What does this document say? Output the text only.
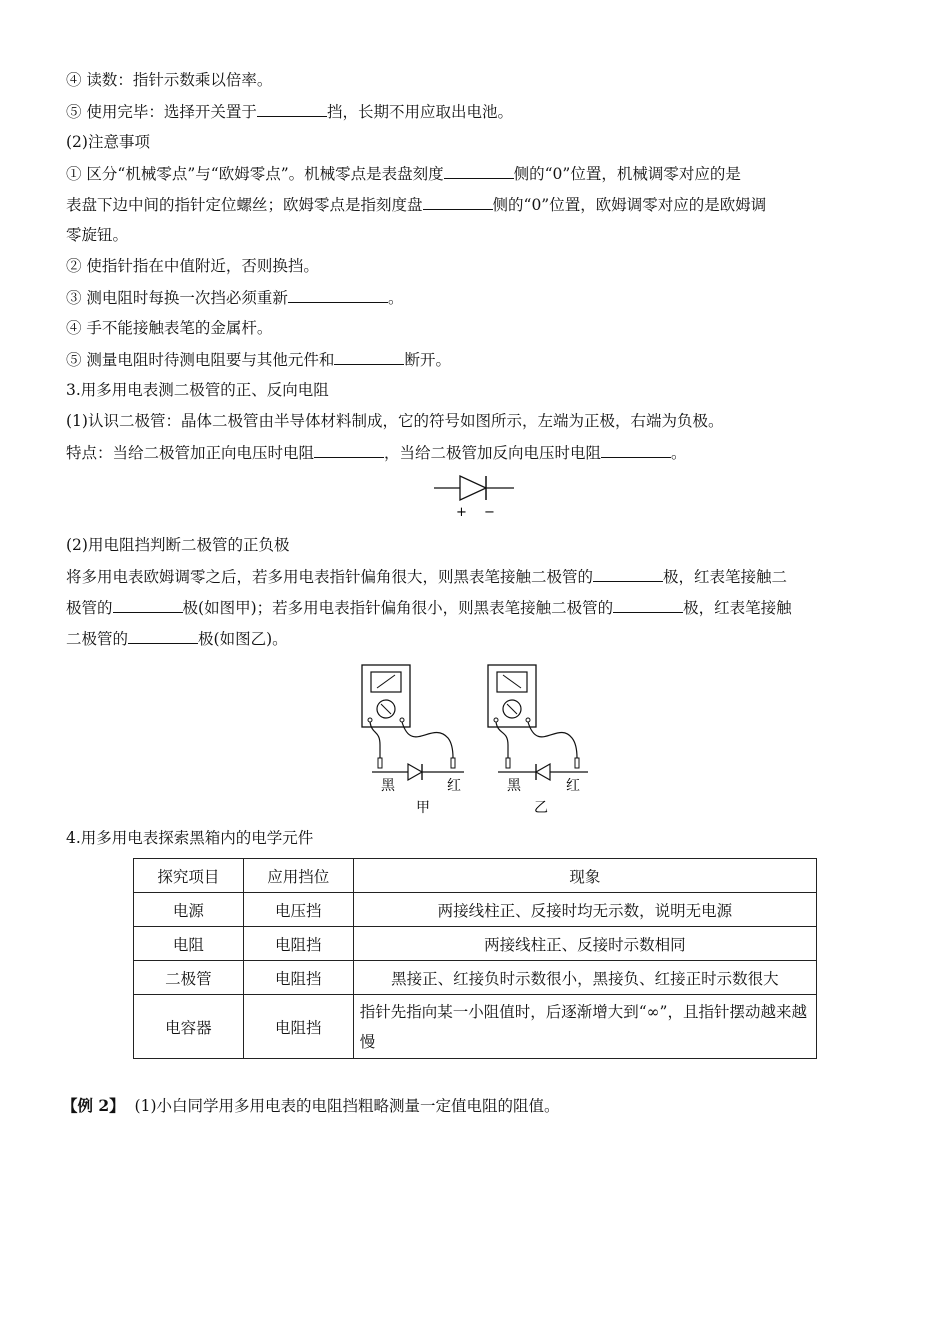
④ 读数：指针示数乘以倍率。
⑤ 使用完毕：选择开关置于	挡，长期不用应取出电池。
(2)注意事项
① 区分“机械零点”与“欧姆零点”。机械零点是表盘刻度	侧的“0”位置，机械调零对应的是
表盘下边中间的指针定位螺丝；欧姆零点是指刻度盘	侧的“0”位置，欧姆调零对应的是欧姆调
零旋钮。
② 使指针指在中值附近，否则换挡。
③ 测电阻时每换一次挡必须重新	。
④ 手不能接触表笔的金属杆。
⑤ 测量电阻时待测电阻要与其他元件和	断开。
3.用多用电表测二极管的正、反向电阻
(1)认识二极管：晶体二极管由半导体材料制成，它的符号如图所示，左端为正极，右端为负极。
特点：当给二极管加正向电压时电阻	，当给二极管加反向电压时电阻	。
+ −
(2)用电阻挡判断二极管的正负极
将多用电表欧姆调零之后，若多用电表指针偏角很大，则黑表笔接触二极管的	极，红表笔接触二
极管的	极(如图甲)；若多用电表指针偏角很小，则黑表笔接触二极管的	极，红表笔接触
二极管的	极(如图乙)。
黑	红
甲
黑	红
乙
4.用多用电表探索黑箱内的电学元件
探究项目	应用挡位	现象
电源	电压挡	两接线柱正、反接时均无示数，说明无电源
电阻	电阻挡	两接线柱正、反接时示数相同
二极管	电阻挡	黑接正、红接负时示数很小，黑接负、红接正时示数很大
电容器	电阻挡	指针先指向某一小阻值时，后逐渐增大到“∞”，且指针摆动越来越慢
【例 2】 (1)小白同学用多用电表的电阻挡粗略测量一定值电阻的阻值。
